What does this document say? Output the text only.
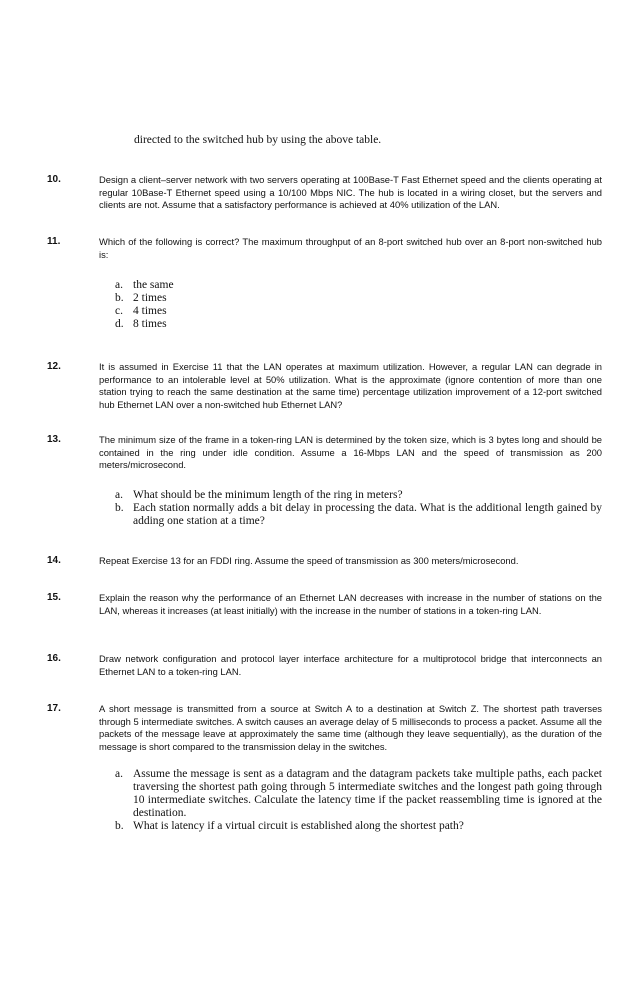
directed to the switched hub by using the above table.
10.	Design a client–server network with two servers operating at 100Base-T Fast Ethernet speed and the clients operating at regular 10Base-T Ethernet speed using a 10/100 Mbps NIC. The hub is located in a wiring closet, but the servers and clients are not. Assume that a satisfactory performance is achieved at 40% utilization of the LAN.
11.	Which of the following is correct? The maximum throughput of an 8-port switched hub over an 8-port non-switched hub is:
a. the same
b. 2 times
c. 4 times
d. 8 times
12.	It is assumed in Exercise 11 that the LAN operates at maximum utilization. However, a regular LAN can degrade in performance to an intolerable level at 50% utilization. What is the approximate (ignore contention of more than one station trying to reach the same destination at the same time) percentage utilization improvement of a 12-port switched hub Ethernet LAN over a non-switched hub Ethernet LAN?
13.	The minimum size of the frame in a token-ring LAN is determined by the token size, which is 3 bytes long and should be contained in the ring under idle condition. Assume a 16-Mbps LAN and the speed of transmission as 200 meters/microsecond.
a. What should be the minimum length of the ring in meters?
b. Each station normally adds a bit delay in processing the data. What is the additional length gained by adding one station at a time?
14.	Repeat Exercise 13 for an FDDI ring. Assume the speed of transmission as 300 meters/microsecond.
15.	Explain the reason why the performance of an Ethernet LAN decreases with increase in the number of stations on the LAN, whereas it increases (at least initially) with the increase in the number of stations in a token-ring LAN.
16.	Draw network configuration and protocol layer interface architecture for a multiprotocol bridge that interconnects an Ethernet LAN to a token-ring LAN.
17.	A short message is transmitted from a source at Switch A to a destination at Switch Z. The shortest path traverses through 5 intermediate switches. A switch causes an average delay of 5 milliseconds to process a packet. Assume all the packets of the message leave at approximately the same time (although they leave sequentially), as the duration of the message is short compared to the transmission delay in the switches.
a. Assume the message is sent as a datagram and the datagram packets take multiple paths, each packet traversing the shortest path going through 5 intermediate switches and the longest path going through 10 intermediate switches. Calculate the latency time if the packet reassembling time is ignored at the destination.
b. What is latency if a virtual circuit is established along the shortest path?
